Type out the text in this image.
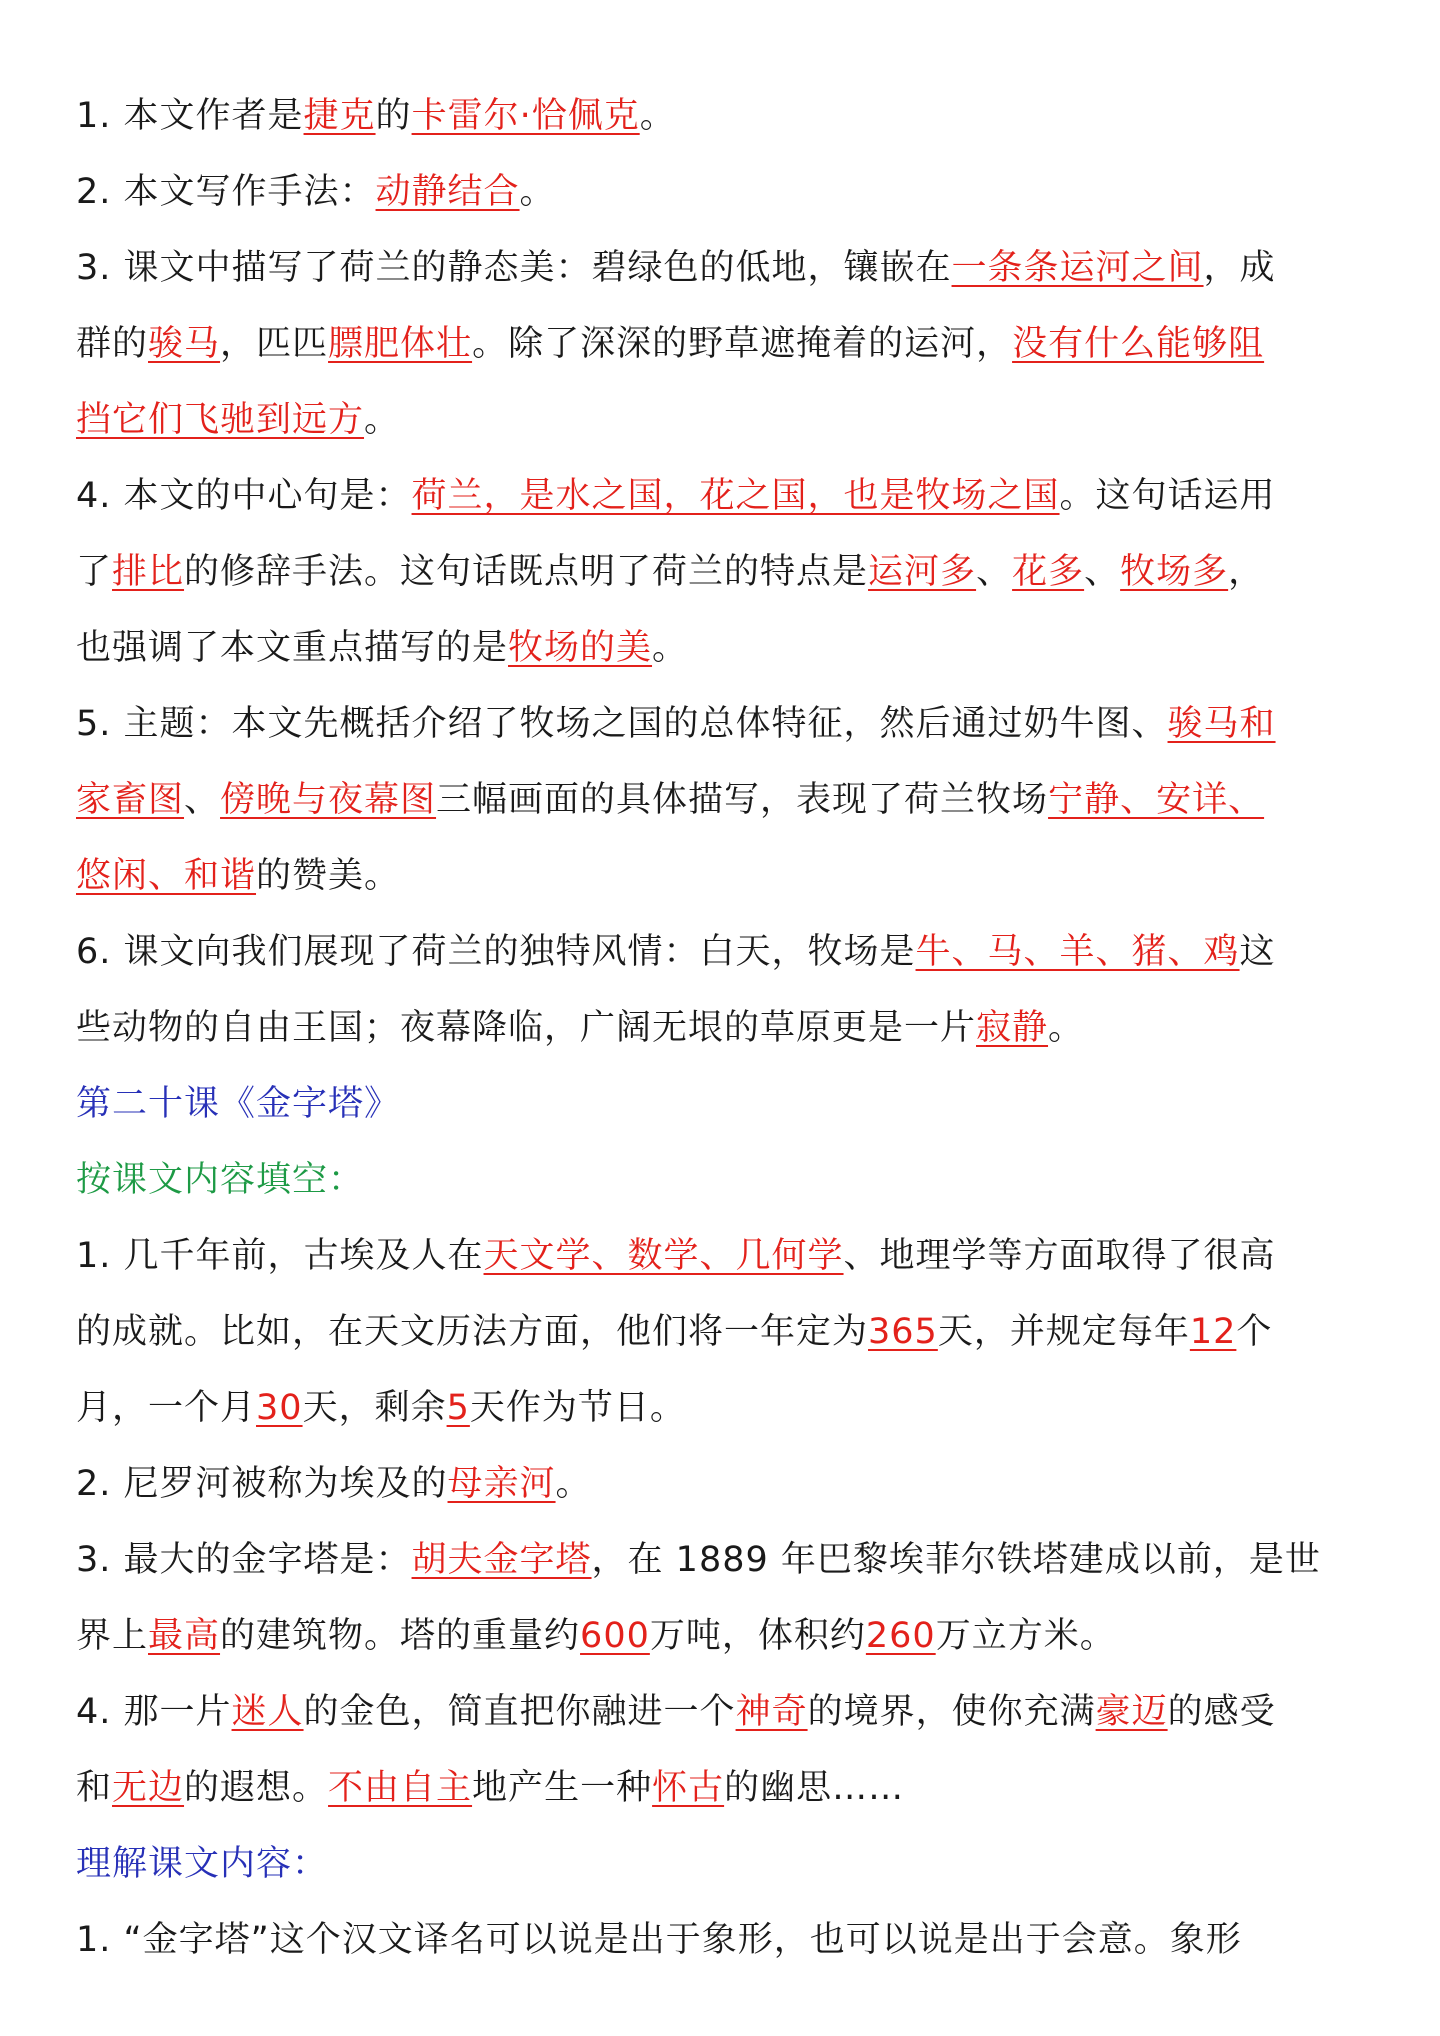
1. 本文作者是捷克的卡雷尔·恰佩克。
2. 本文写作手法：动静结合。
3. 课文中描写了荷兰的静态美：碧绿色的低地，镶嵌在一条条运河之间，成
群的骏马，匹匹膘肥体壮。除了深深的野草遮掩着的运河，没有什么能够阻
挡它们飞驰到远方。
4. 本文的中心句是：荷兰，是水之国，花之国，也是牧场之国。这句话运用
了排比的修辞手法。这句话既点明了荷兰的特点是运河多、花多、牧场多，
也强调了本文重点描写的是牧场的美。
5. 主题：本文先概括介绍了牧场之国的总体特征，然后通过奶牛图、骏马和
家畜图、傍晚与夜幕图三幅画面的具体描写，表现了荷兰牧场宁静、安详、
悠闲、和谐的赞美。
6. 课文向我们展现了荷兰的独特风情：白天，牧场是牛、马、羊、猪、鸡这
些动物的自由王国；夜幕降临，广阔无垠的草原更是一片寂静。
第二十课《金字塔》
按课文内容填空：
1. 几千年前，古埃及人在天文学、数学、几何学、地理学等方面取得了很高
的成就。比如，在天文历法方面，他们将一年定为365天，并规定每年12个
月，一个月30天，剩余5天作为节日。
2. 尼罗河被称为埃及的母亲河。
3. 最大的金字塔是：胡夫金字塔，在 1889 年巴黎埃菲尔铁塔建成以前，是世
界上最高的建筑物。塔的重量约600万吨，体积约260万立方米。
4. 那一片迷人的金色，简直把你融进一个神奇的境界，使你充满豪迈的感受
和无边的遐想。不由自主地产生一种怀古的幽思……
理解课文内容：
1. “金字塔”这个汉文译名可以说是出于象形，也可以说是出于会意。象形
